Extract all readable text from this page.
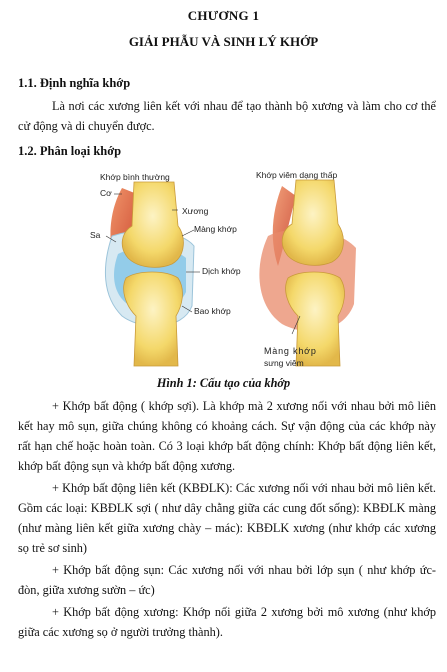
CHƯƠNG 1
GIẢI PHẪU VÀ SINH LÝ KHỚP
1.1. Định nghĩa khớp
Là nơi các xương liên kết với nhau để tạo thành bộ xương và làm cho cơ thể cử động và di chuyển được.
1.2. Phân loại khớp
Khớp bình thường	Khớp viêm dạng thấp
Cơ
Xương
Sa
Màng khớp
Dịch khớp
Bao khớp
Màng khớp
sưng viêm
Hình 1: Cấu tạo của khớp
+ Khớp bất động ( khớp sợi). Là khớp mà 2 xương nối với nhau bởi mô liên kết hay mô sụn, giữa chúng không có khoảng cách. Sự vận động của các khớp này rất hạn chế hoặc hoàn toàn. Có 3 loại khớp bất động chính: Khớp bất động liên kết, khớp bất động sụn và khớp bất động xương.
+ Khớp bất động liên kết (KBĐLK): Các xương nối với nhau bởi mô liên kết. Gồm các loại: KBĐLK sợi ( như dây chằng giữa các cung đốt sống): KBĐLK màng (như màng liên kết giữa xương chày – mác): KBĐLK xương (như khớp các xương sọ trẻ sơ sinh)
+ Khớp bất động sụn: Các xương nối với nhau bởi lớp sụn ( như khớp ức- đòn, giữa xương sườn – ức)
+ Khớp bất động xương: Khớp nối giữa 2 xương bởi mô xương (như khớp giữa các xương sọ ở người trưởng thành).
